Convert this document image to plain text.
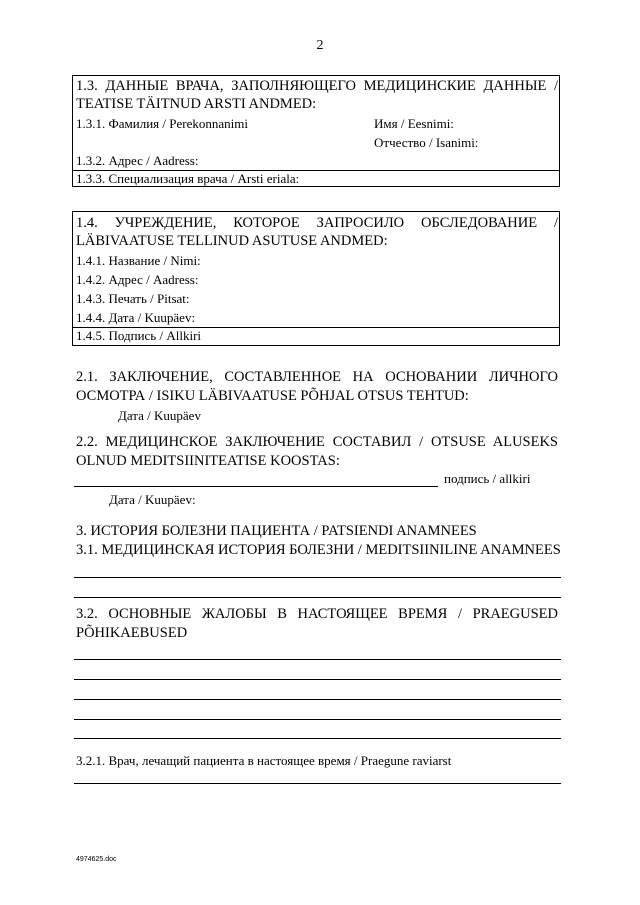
2
1.3. ДАННЫЕ ВРАЧА, ЗАПОЛНЯЮЩЕГО МЕДИЦИНСКИЕ ДАННЫЕ /
TEATISE TÄITNUD ARSTI ANDMED:
1.3.1. Фамилия / Perekonnanimi	Имя / Eesnimi:
Отчество / Isanimi:
1.3.2. Адрес / Aadress:
1.3.3. Специализация врача / Arsti eriala:
1.4. УЧРЕЖДЕНИЕ, КОТОРОЕ ЗАПРОСИЛО ОБСЛЕДОВАНИЕ /
LÄBIVAATUSE TELLINUD ASUTUSE ANDMED:
1.4.1. Название / Nimi:
1.4.2. Адрес / Aadress:
1.4.3. Печать / Pitsat:
1.4.4. Дата / Kuupäev:
1.4.5. Подпись / Allkiri
2.1. ЗАКЛЮЧЕНИЕ, СОСТАВЛЕННОЕ НА ОСНОВАНИИ ЛИЧНОГО
ОСМОТРА / ISIKU LÄBIVAATUSE PÕHJAL OTSUS TEHTUD:
Дата / Kuupäev
2.2. МЕДИЦИНСКОЕ ЗАКЛЮЧЕНИЕ СОСТАВИЛ / OTSUSE ALUSEKS
OLNUD MEDITSIINITEATISE KOOSTAS:
подпись / allkiri
Дата / Kuupäev:
3. ИСТОРИЯ БОЛЕЗНИ ПАЦИЕНТА / PATSIENDI ANAMNEES
3.1. МЕДИЦИНСКАЯ ИСТОРИЯ БОЛЕЗНИ / MEDITSIINILINE ANAMNEES
3.2. ОСНОВНЫЕ ЖАЛОБЫ В НАСТОЯЩЕЕ ВРЕМЯ / PRAEGUSED
PÕHIKAEBUSED
3.2.1. Врач, лечащий пациента в настоящее время / Praegune raviarst
4974625.doc
